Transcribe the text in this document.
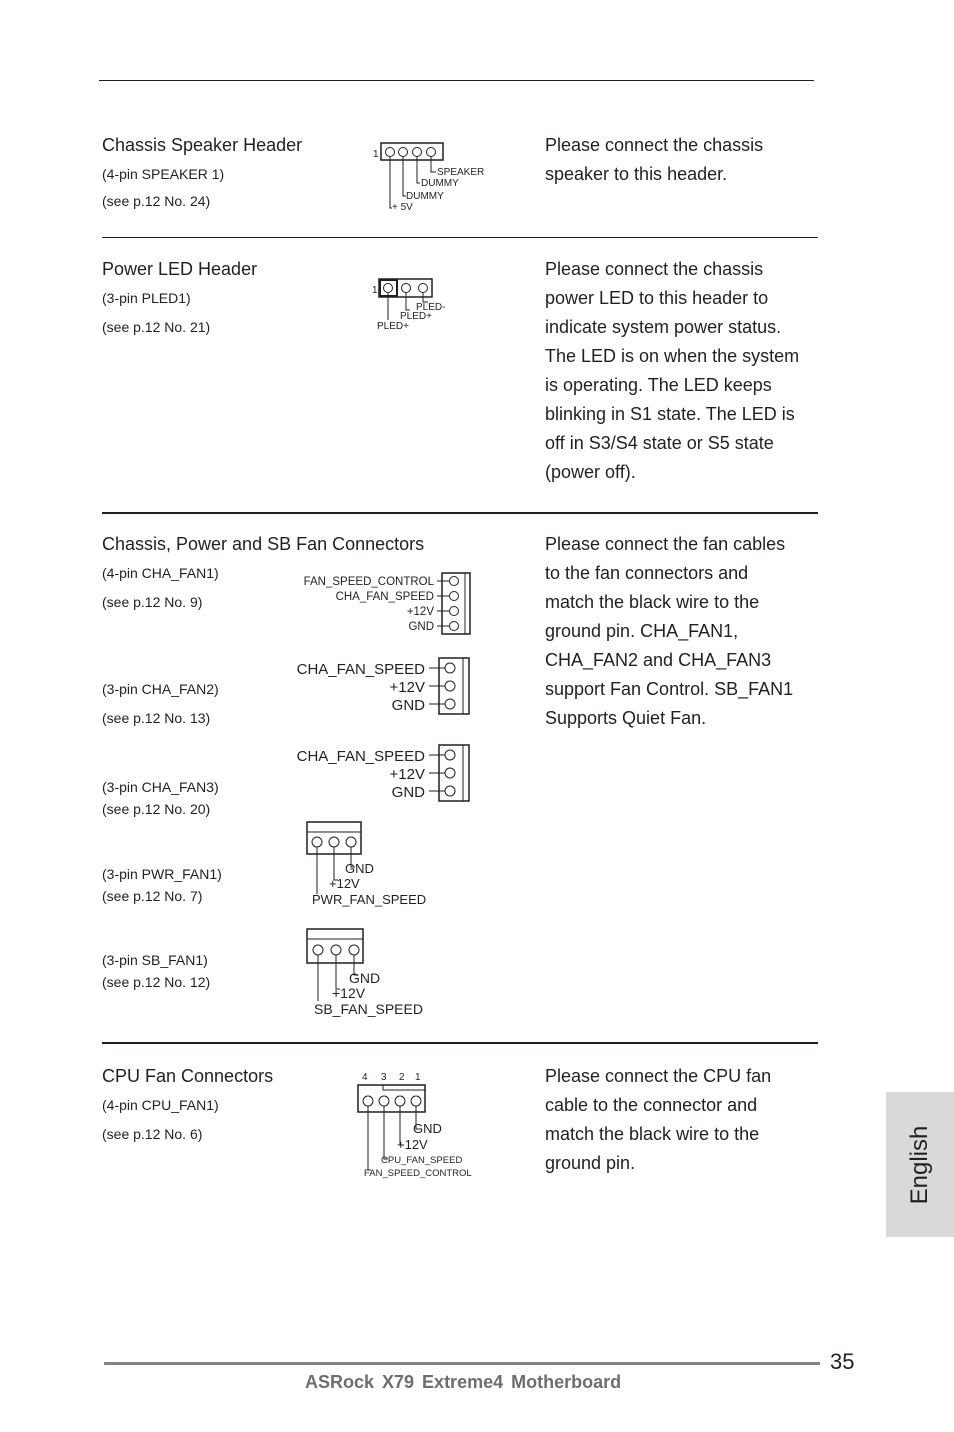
Chassis Speaker Header
(4-pin SPEAKER 1)
(see p.12 No. 24)
1
SPEAKER
DUMMY
DUMMY
+ 5V
Please connect the chassis
speaker to this header.
Power LED Header
(3-pin PLED1)
(see p.12 No. 21)
1
PLED-
PLED+
PLED+
Please connect the chassis
power LED to this header to
indicate system power status.
The LED is on when the system
is operating. The LED keeps
blinking in S1 state. The LED is
off in S3/S4 state or S5 state
(power off).
Chassis, Power and SB Fan Connectors
(4-pin CHA_FAN1)
(see p.12 No. 9)
FAN_SPEED_CONTROL
CHA_FAN_SPEED
+12V
GND
(3-pin CHA_FAN2)
(see p.12 No. 13)
CHA_FAN_SPEED
+12V
GND
(3-pin CHA_FAN3)
(see p.12 No. 20)
CHA_FAN_SPEED
+12V
GND
(3-pin PWR_FAN1)
(see p.12 No. 7)
GND
+12V
PWR_FAN_SPEED
(3-pin SB_FAN1)
(see p.12 No. 12)	GND
+12V
SB_FAN_SPEED
Please connect the fan cables
to the fan connectors and
match the black wire to the
ground pin. CHA_FAN1,
CHA_FAN2 and CHA_FAN3
support Fan Control. SB_FAN1
Supports Quiet Fan.
CPU Fan Connectors
(4-pin CPU_FAN1)
(see p.12 No. 6)
4 3 2 1
GND
+12V
CPU_FAN_SPEED
FAN_SPEED_CONTROL
Please connect the CPU fan
cable to the connector and
match the black wire to the
ground pin.	English
35
ASRock X79 Extreme4 Motherboard
